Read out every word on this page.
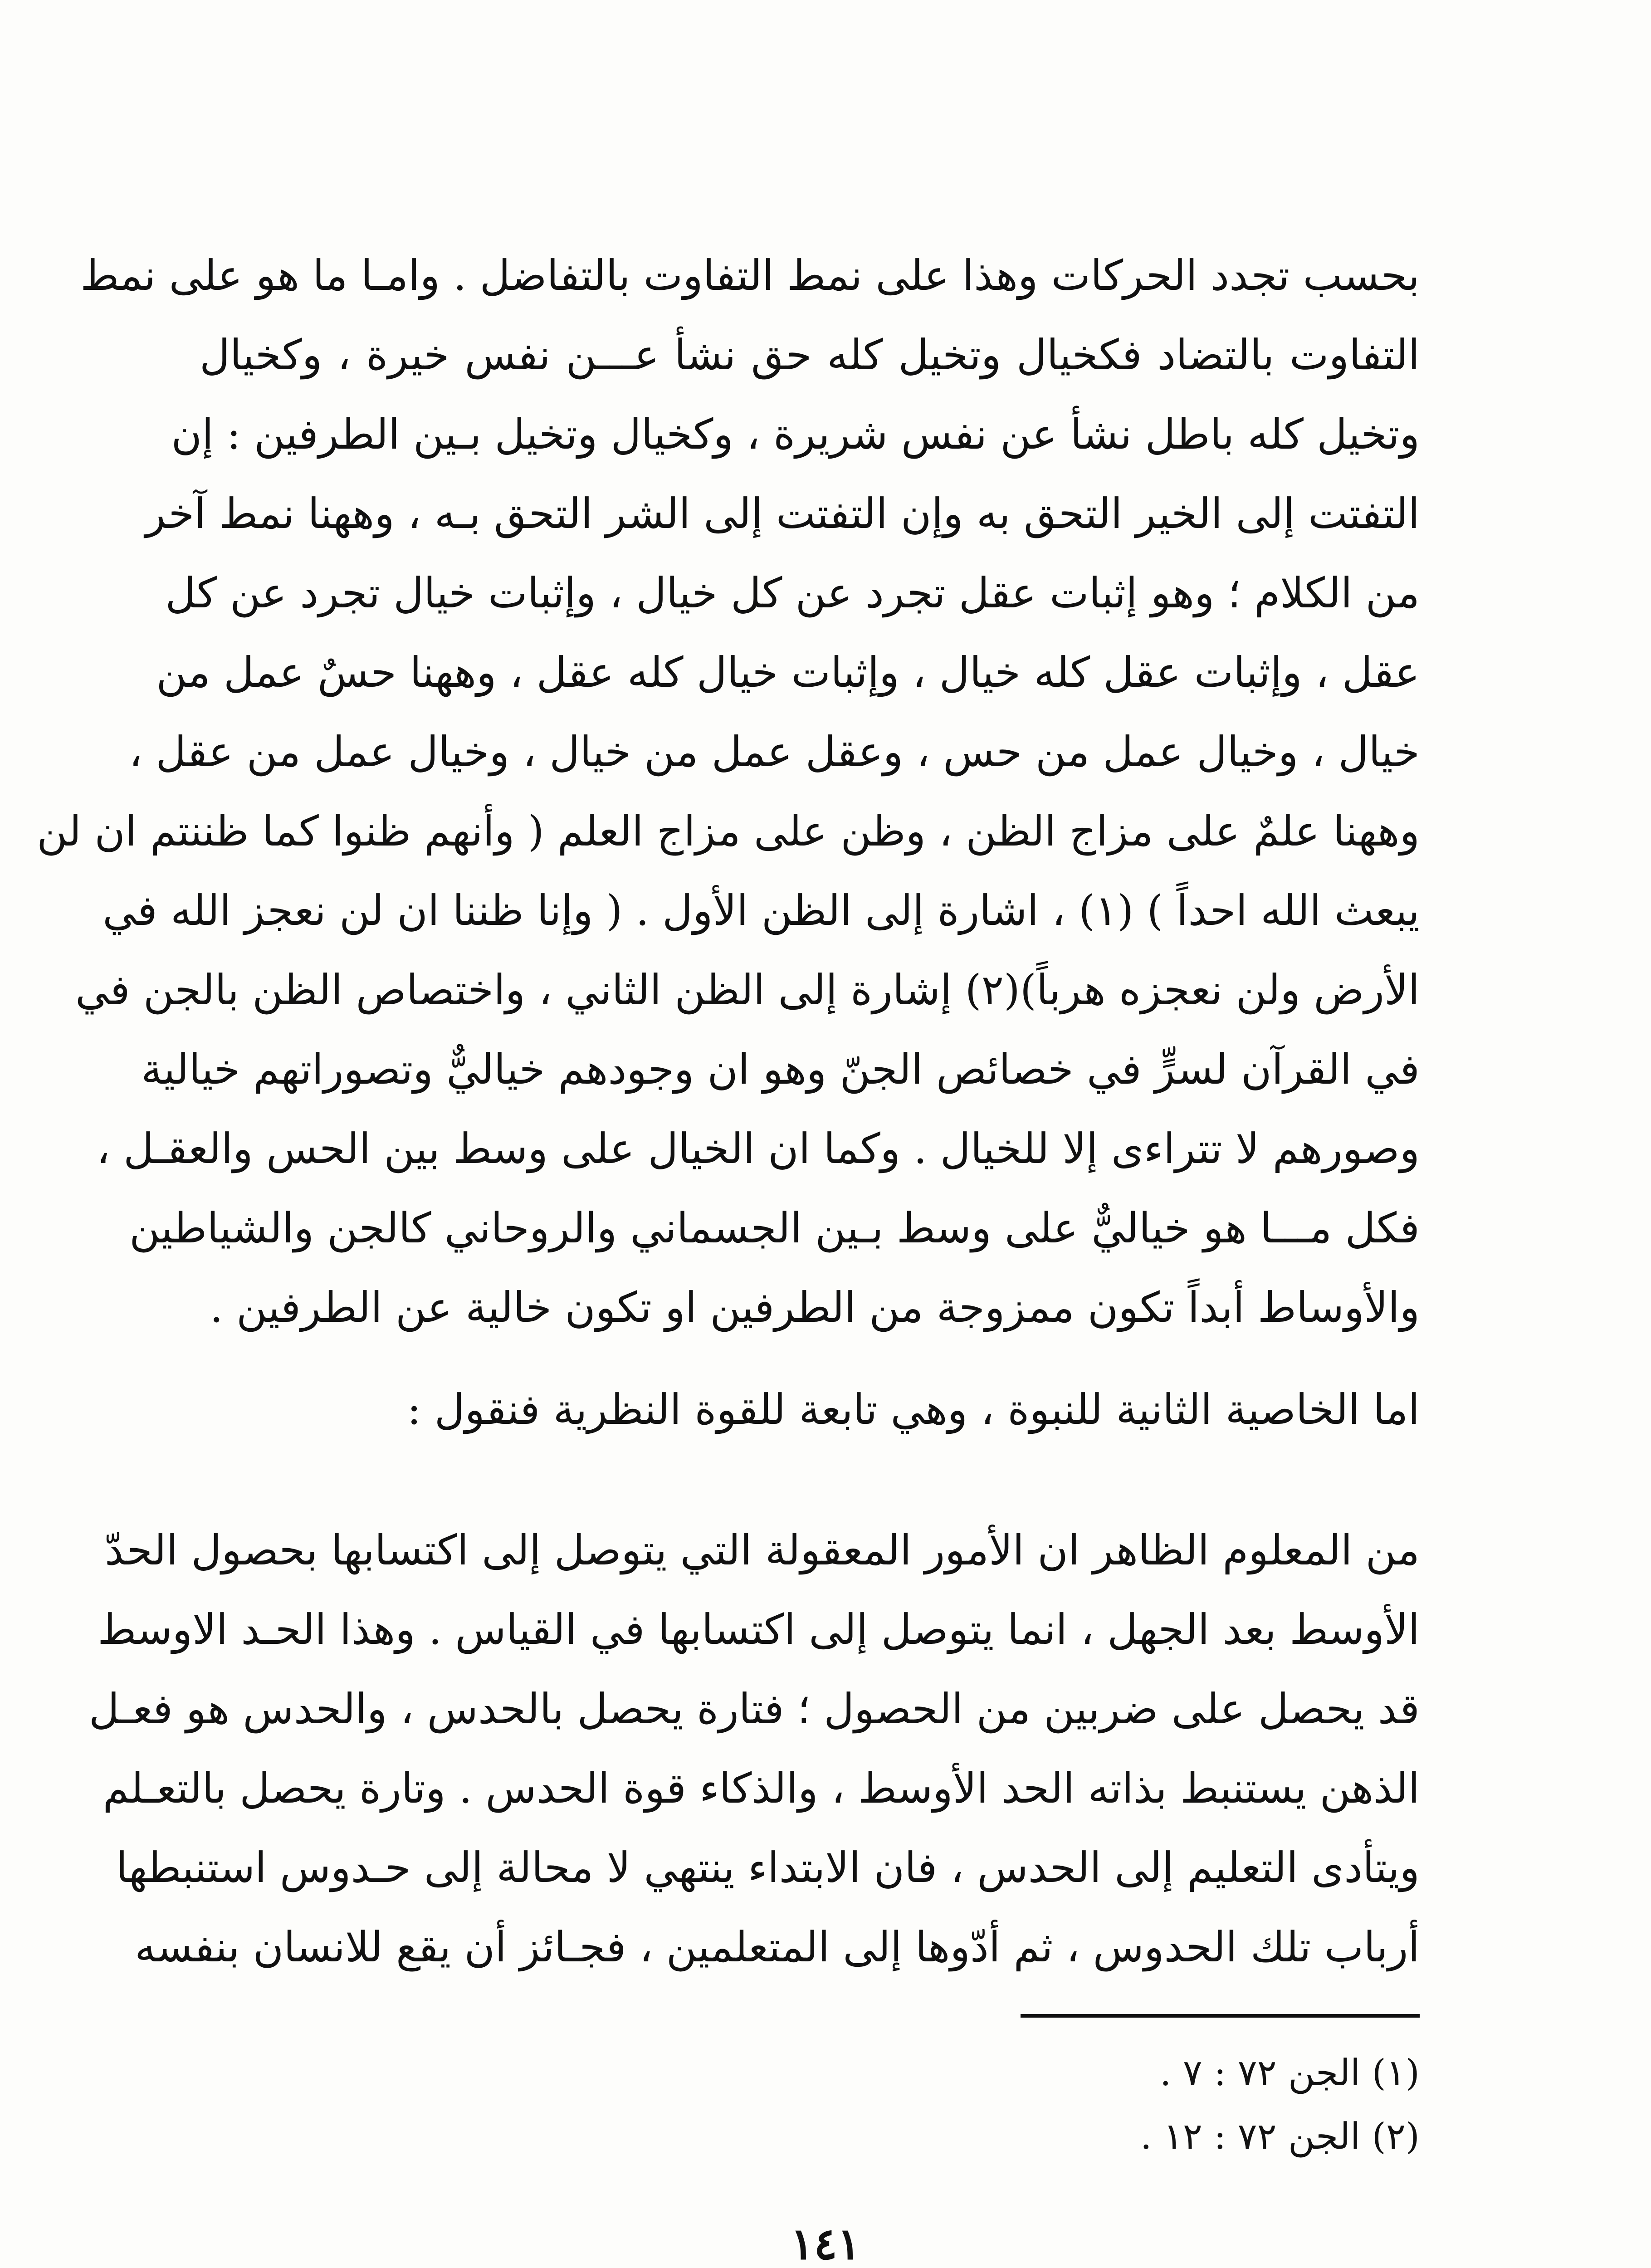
بحسب تجدد الحركات وهذا على نمط التفاوت بالتفاضل . وامـا ما هو على نمط
التفاوت بالتضاد فكخيال وتخيل كله حق نشأ عـــن نفس خيرة ، وكخيال
وتخيل كله باطل نشأ عن نفس شريرة ، وكخيال وتخيل بـين الطرفين : إن
التفتت إلى الخير التحق به وإن التفتت إلى الشر التحق بـه ، وههنا نمط آخر
من الكلام ؛ وهو إثبات عقل تجرد عن كل خيال ، وإثبات خيال تجرد عن كل
عقل ، وإثبات عقل كله خيال ، وإثبات خيال كله عقل ، وههنا حسٌ عمل من
خيال ، وخيال عمل من حس ، وعقل عمل من خيال ، وخيال عمل من عقل ،
وههنا علمٌ على مزاج الظن ، وظن على مزاج العلم ( وأنهم ظنوا كما ظننتم ان لن
يبعث الله احداً ) (١) ، اشارة إلى الظن الأول . ( وإنا ظننا ان لن نعجز الله في
الأرض ولن نعجزه هرباً)(٢) إشارة إلى الظن الثاني ، واختصاص الظن بالجن في
في القرآن لسرٍّ في خصائص الجنّ وهو ان وجودهم خياليٌّ وتصوراتهم خيالية
وصورهم لا تتراءى إلا للخيال . وكما ان الخيال على وسط بين الحس والعقـل ،
فكل مـــا هو خياليٌّ على وسط بـين الجسماني والروحاني كالجن والشياطين
والأوساط أبداً تكون ممزوجة من الطرفين او تكون خالية عن الطرفين .
اما الخاصية الثانية للنبوة ، وهي تابعة للقوة النظرية فنقول :
من المعلوم الظاهر ان الأمور المعقولة التي يتوصل إلى اكتسابها بحصول الحدّ
الأوسط بعد الجهل ، انما يتوصل إلى اكتسابها في القياس . وهذا الحـد الاوسط
قد يحصل على ضربين من الحصول ؛ فتارة يحصل بالحدس ، والحدس هو فعـل
الذهن يستنبط بذاته الحد الأوسط ، والذكاء قوة الحدس . وتارة يحصل بالتعـلم
ويتأدى التعليم إلى الحدس ، فان الابتداء ينتهي لا محالة إلى حـدوس استنبطها
أرباب تلك الحدوس ، ثم أدّوها إلى المتعلمين ، فجـائز أن يقع للانسان بنفسه
(١) الجن ٧٢ : ٧ .
(٢) الجن ٧٢ : ١٢ .
١٤١
